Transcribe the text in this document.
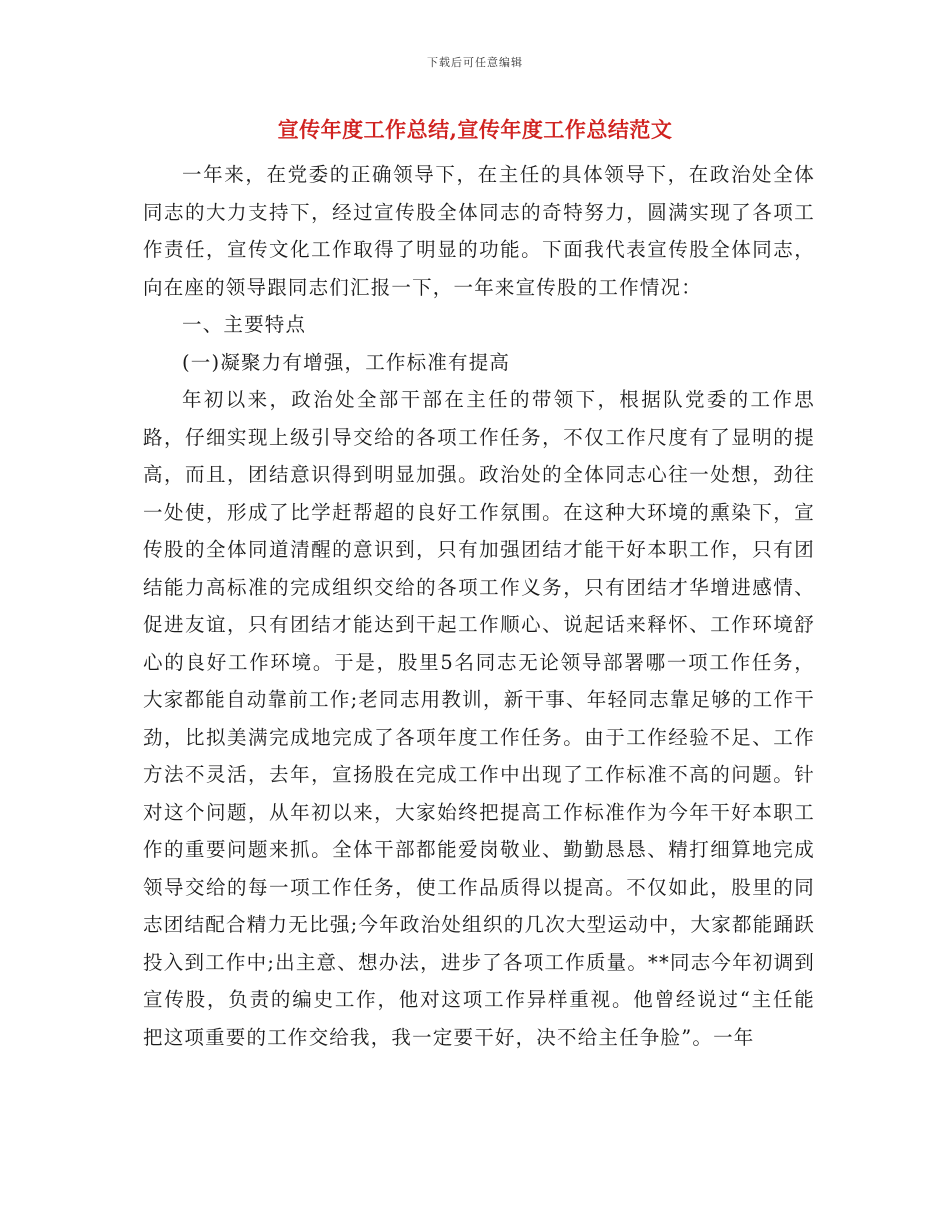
下载后可任意编辑
宣传年度工作总结,宣传年度工作总结范文

一年来，在党委的正确领导下，在主任的具体领导下，在政治处全体同志的大力支持下，经过宣传股全体同志的奇特努力，圆满实现了各项工作责任，宣传文化工作取得了明显的功能。下面我代表宣传股全体同志，向在座的领导跟同志们汇报一下，一年来宣传股的工作情况：

一、主要特点

(一)凝聚力有增强，工作标准有提高

年初以来，政治处全部干部在主任的带领下，根据队党委的工作思路，仔细实现上级引导交给的各项工作任务，不仅工作尺度有了显明的提高，而且，团结意识得到明显加强。政治处的全体同志心往一处想，劲往一处使，形成了比学赶帮超的良好工作氛围。在这种大环境的熏染下，宣传股的全体同道清醒的意识到，只有加强团结才能干好本职工作，只有团结能力高标准的完成组织交给的各项工作义务，只有团结才华增进感情、促进友谊，只有团结才能达到干起工作顺心、说起话来释怀、工作环境舒心的良好工作环境。于是，股里5名同志无论领导部署哪一项工作任务，大家都能自动靠前工作;老同志用教训，新干事、年轻同志靠足够的工作干劲，比拟美满完成地完成了各项年度工作任务。由于工作经验不足、工作方法不灵活，去年，宣扬股在完成工作中出现了工作标准不高的问题。针对这个问题，从年初以来，大家始终把提高工作标准作为今年干好本职工作的重要问题来抓。全体干部都能爱岗敬业、勤勤恳恳、精打细算地完成领导交给的每一项工作任务，使工作品质得以提高。不仅如此，股里的同志团结配合精力无比强;今年政治处组织的几次大型运动中，大家都能踊跃投入到工作中;出主意、想办法，进步了各项工作质量。**同志今年初调到宣传股，负责的编史工作，他对这项工作异样重视。他曾经说过“主任能把这项重要的工作交给我，我一定要干好，决不给主任争脸”。一年
